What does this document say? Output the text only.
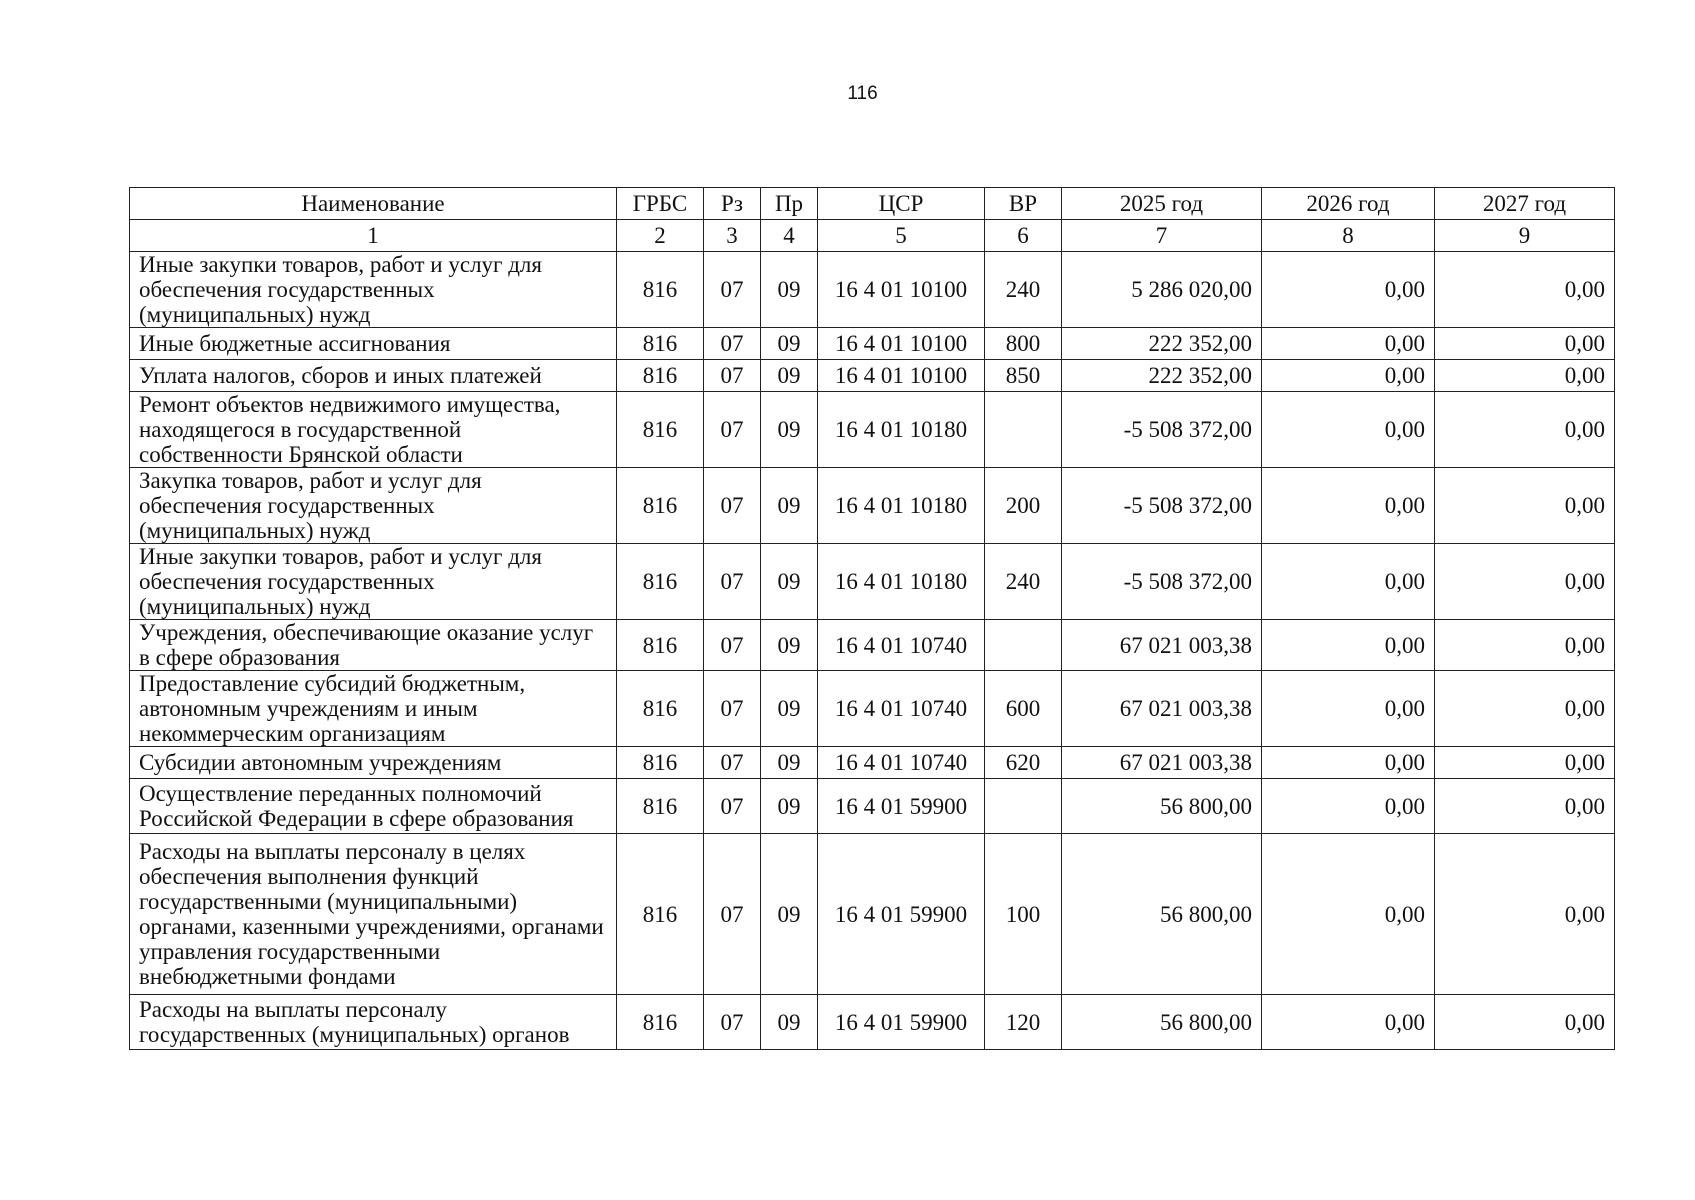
116
Наименование	ГРБС	Рз	Пр	ЦСР	ВР	2025 год	2026 год	2027 год
1	2	3	4	5	6	7	8	9
Иные закупки товаров, работ и услуг для обеспечения государственных (муниципальных) нужд	816	07	09	16 4 01 10100	240	5 286 020,00	0,00	0,00
Иные бюджетные ассигнования	816	07	09	16 4 01 10100	800	222 352,00	0,00	0,00
Уплата налогов, сборов и иных платежей	816	07	09	16 4 01 10100	850	222 352,00	0,00	0,00
Ремонт объектов недвижимого имущества, находящегося в государственной собственности Брянской области	816	07	09	16 4 01 10180		-5 508 372,00	0,00	0,00
Закупка товаров, работ и услуг для обеспечения государственных (муниципальных) нужд	816	07	09	16 4 01 10180	200	-5 508 372,00	0,00	0,00
Иные закупки товаров, работ и услуг для обеспечения государственных (муниципальных) нужд	816	07	09	16 4 01 10180	240	-5 508 372,00	0,00	0,00
Учреждения, обеспечивающие оказание услуг в сфере образования	816	07	09	16 4 01 10740		67 021 003,38	0,00	0,00
Предоставление субсидий бюджетным, автономным учреждениям и иным некоммерческим организациям	816	07	09	16 4 01 10740	600	67 021 003,38	0,00	0,00
Субсидии автономным учреждениям	816	07	09	16 4 01 10740	620	67 021 003,38	0,00	0,00
Осуществление переданных полномочий Российской Федерации в сфере образования	816	07	09	16 4 01 59900		56 800,00	0,00	0,00
Расходы на выплаты персоналу в целях обеспечения выполнения функций государственными (муниципальными) органами, казенными учреждениями, органами управления государственными внебюджетными фондами	816	07	09	16 4 01 59900	100	56 800,00	0,00	0,00
Расходы на выплаты персоналу государственных (муниципальных) органов	816	07	09	16 4 01 59900	120	56 800,00	0,00	0,00
